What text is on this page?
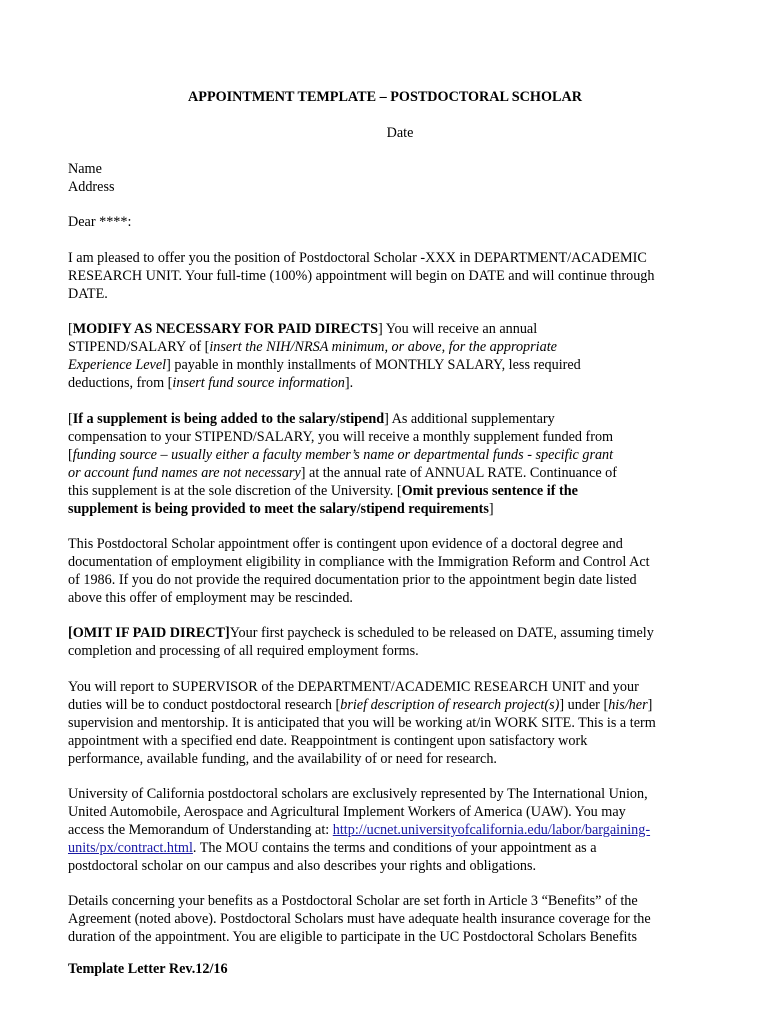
APPOINTMENT TEMPLATE – POSTDOCTORAL SCHOLAR
Date
Name
Address
Dear ****:
I am pleased to offer you the position of Postdoctoral Scholar -XXX in DEPARTMENT/ACADEMIC
RESEARCH UNIT. Your full-time (100%) appointment will begin on DATE and will continue through
DATE.
[MODIFY AS NECESSARY FOR PAID DIRECTS] You will receive an annual
STIPEND/SALARY of [insert the NIH/NRSA minimum, or above, for the appropriate
Experience Level] payable in monthly installments of MONTHLY SALARY, less required
deductions, from [insert fund source information].
[If a supplement is being added to the salary/stipend] As additional supplementary
compensation to your STIPEND/SALARY, you will receive a monthly supplement funded from
[funding source – usually either a faculty member’s name or departmental funds - specific grant
or account fund names are not necessary] at the annual rate of ANNUAL RATE. Continuance of
this supplement is at the sole discretion of the University. [Omit previous sentence if the
supplement is being provided to meet the salary/stipend requirements]
This Postdoctoral Scholar appointment offer is contingent upon evidence of a doctoral degree and
documentation of employment eligibility in compliance with the Immigration Reform and Control Act
of 1986. If you do not provide the required documentation prior to the appointment begin date listed
above this offer of employment may be rescinded.
[OMIT IF PAID DIRECT]Your first paycheck is scheduled to be released on DATE, assuming timely
completion and processing of all required employment forms.
You will report to SUPERVISOR of the DEPARTMENT/ACADEMIC RESEARCH UNIT and your
duties will be to conduct postdoctoral research [brief description of research project(s)] under [his/her]
supervision and mentorship. It is anticipated that you will be working at/in WORK SITE. This is a term
appointment with a specified end date. Reappointment is contingent upon satisfactory work
performance, available funding, and the availability of or need for research.
University of California postdoctoral scholars are exclusively represented by The International Union,
United Automobile, Aerospace and Agricultural Implement Workers of America (UAW). You may
access the Memorandum of Understanding at: http://ucnet.universityofcalifornia.edu/labor/bargaining-
units/px/contract.html. The MOU contains the terms and conditions of your appointment as a
postdoctoral scholar on our campus and also describes your rights and obligations.
Details concerning your benefits as a Postdoctoral Scholar are set forth in Article 3 “Benefits” of the
Agreement (noted above). Postdoctoral Scholars must have adequate health insurance coverage for the
duration of the appointment. You are eligible to participate in the UC Postdoctoral Scholars Benefits
Template Letter Rev.12/16
